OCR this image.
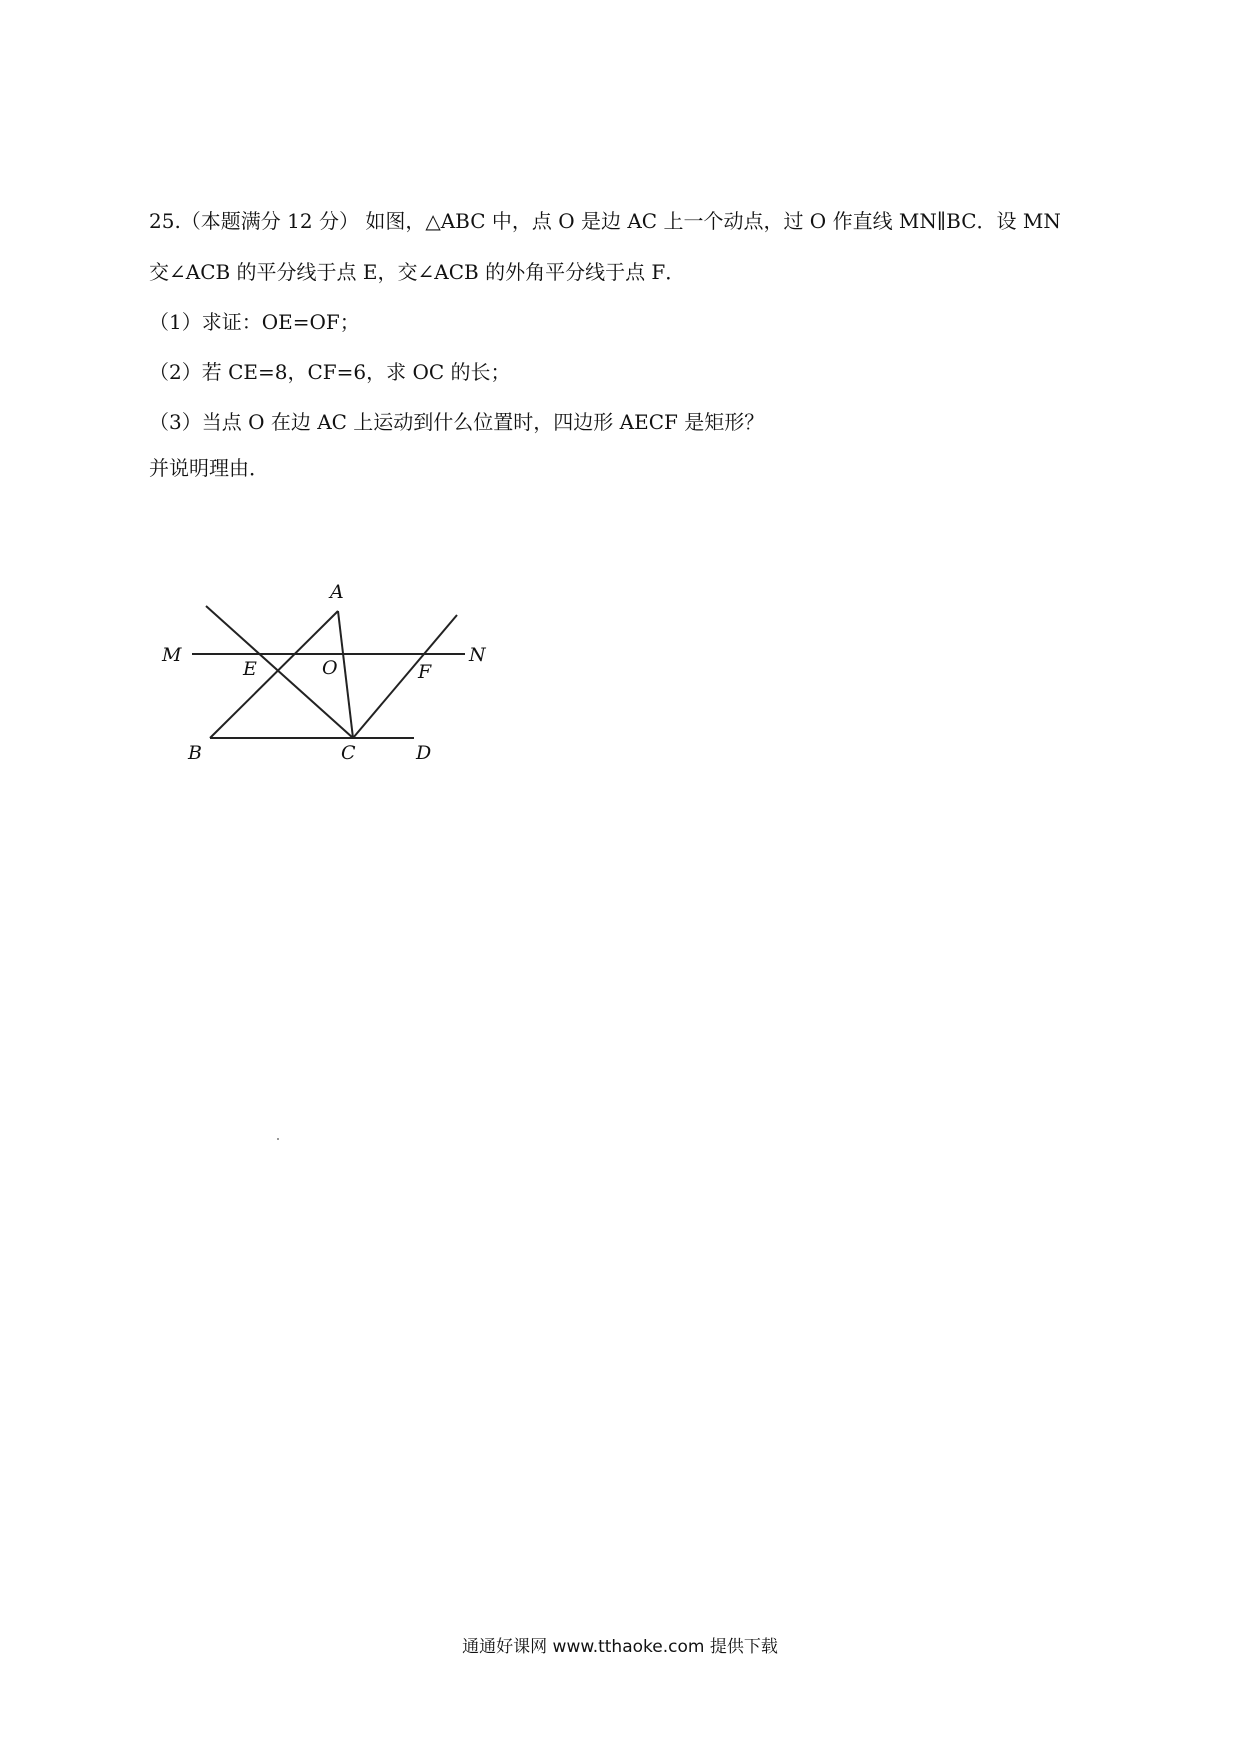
25.（本题满分 12 分） 如图，△ABC 中，点 O 是边 AC 上一个动点，过 O 作直线 MN∥BC．设 MN
交∠ACB 的平分线于点 E，交∠ACB 的外角平分线于点 F．
（1）求证：OE=OF；
（2）若 CE=8，CF=6，求 OC 的长；
（3）当点 O 在边 AC 上运动到什么位置时，四边形 AECF 是矩形？
并说明理由．
A
M	N
E	O	F
B	C	D
通通好课网 www.tthaoke.com 提供下载
